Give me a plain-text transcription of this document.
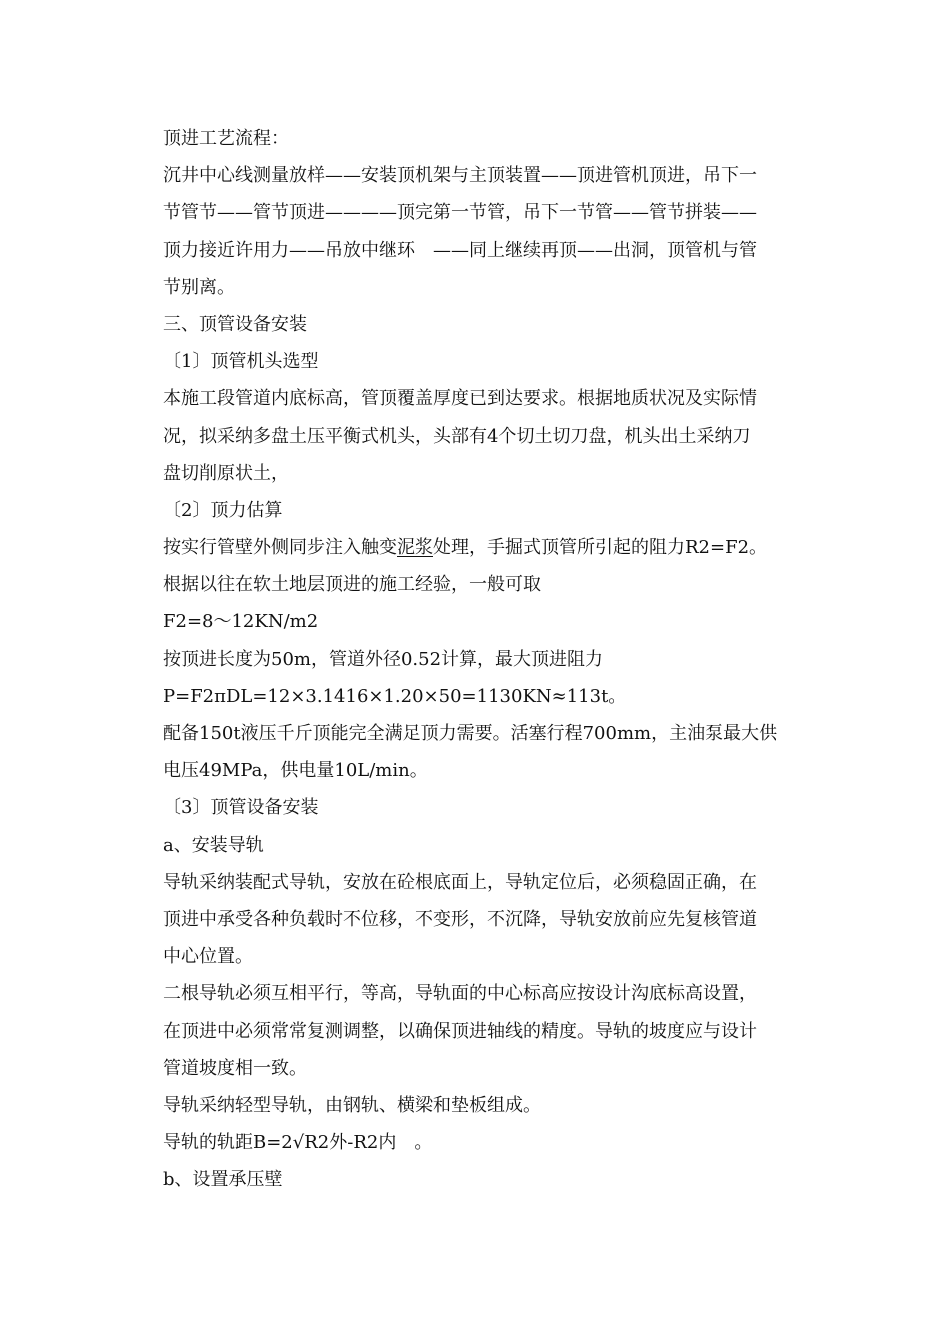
顶进工艺流程：
沉井中心线测量放样——安装顶机架与主顶装置——顶进管机顶进，吊下一
节管节——管节顶进————顶完第一节管，吊下一节管——管节拼装——
顶力接近许用力——吊放中继环　——同上继续再顶——出洞，顶管机与管
节别离。
三、顶管设备安装
〔1〕顶管机头选型
本施工段管道内底标高，管顶覆盖厚度已到达要求。根据地质状况及实际情
况，拟采纳多盘土压平衡式机头，头部有4个切土切刀盘，机头出土采纳刀
盘切削原状土，
〔2〕顶力估算
按实行管壁外侧同步注入触变泥浆处理，手掘式顶管所引起的阻力R2=F2。
根据以往在软土地层顶进的施工经验，一般可取
F2=8～12KN/m2
按顶进长度为50m，管道外径0.52计算，最大顶进阻力
P=F2πDL=12×3.1416×1.20×50=1130KN≈113t。
配备150t液压千斤顶能完全满足顶力需要。活塞行程700mm，主油泵最大供
电压49MPa，供电量10L/min。
〔3〕顶管设备安装
a、安装导轨
导轨采纳装配式导轨，安放在砼根底面上，导轨定位后，必须稳固正确，在
顶进中承受各种负载时不位移，不变形，不沉降，导轨安放前应先复核管道
中心位置。
二根导轨必须互相平行，等高，导轨面的中心标高应按设计沟底标高设置，
在顶进中必须常常复测调整，以确保顶进轴线的精度。导轨的坡度应与设计
管道坡度相一致。
导轨采纳轻型导轨，由钢轨、横梁和垫板组成。
导轨的轨距B=2√R2外-R2内　。
b、设置承压壁
